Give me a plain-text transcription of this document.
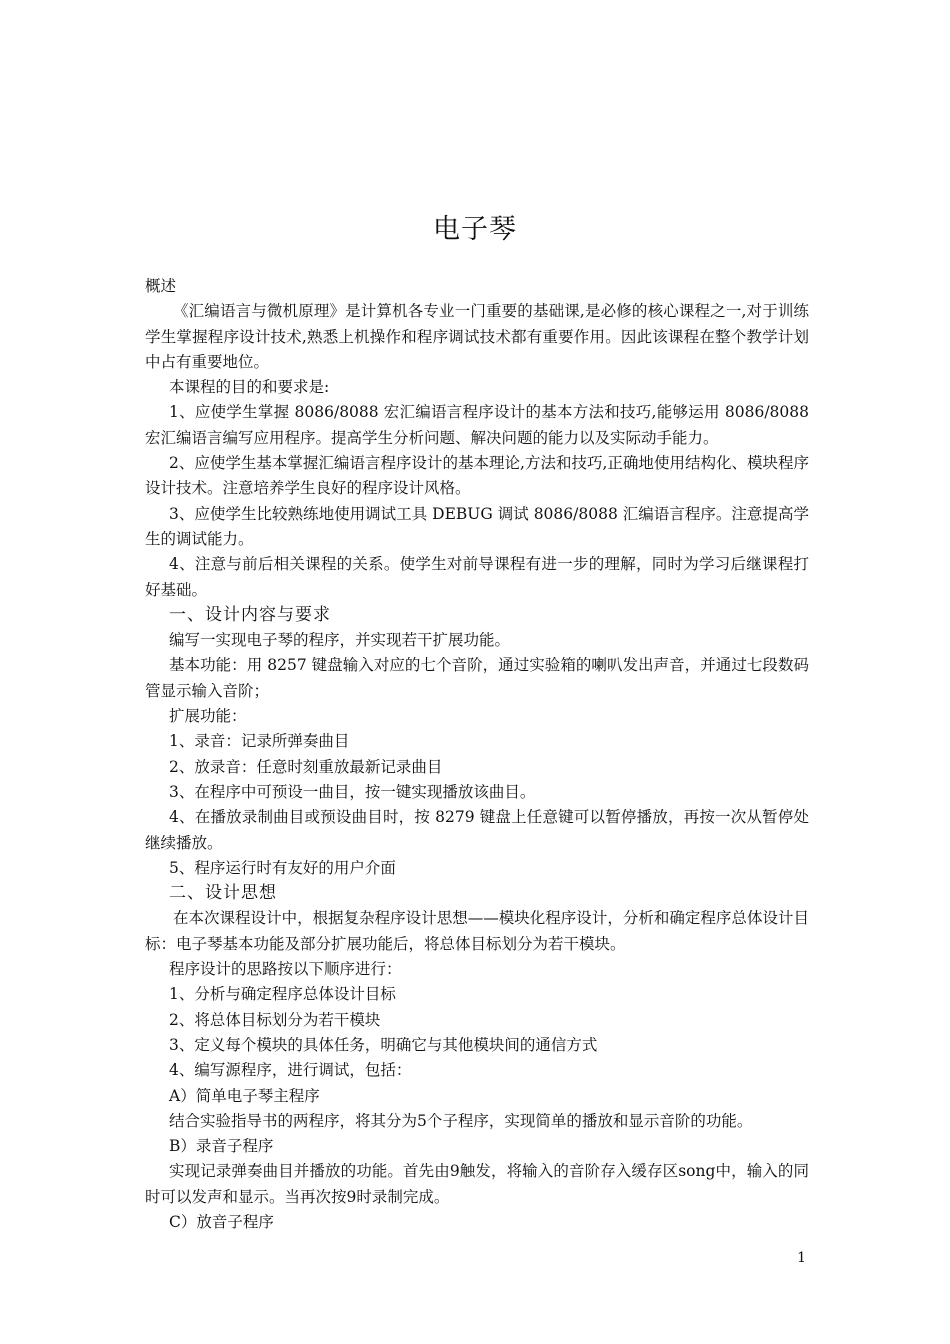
电子琴

概述

《汇编语言与微机原理》是计算机各专业一门重要的基础课,是必修的核心课程之一,对于训练学生掌握程序设计技术,熟悉上机操作和程序调试技术都有重要作用。因此该课程在整个教学计划中占有重要地位。

本课程的目的和要求是:

1、应使学生掌握 8086/8088 宏汇编语言程序设计的基本方法和技巧,能够运用 8086/8088 宏汇编语言编写应用程序。提高学生分析问题、解决问题的能力以及实际动手能力。

2、应使学生基本掌握汇编语言程序设计的基本理论,方法和技巧,正确地使用结构化、模块程序设计技术。注意培养学生良好的程序设计风格。

3、应使学生比较熟练地使用调试工具 DEBUG 调试 8086/8088 汇编语言程序。注意提高学生的调试能力。

4、注意与前后相关课程的关系。使学生对前导课程有进一步的理解，同时为学习后继课程打好基础。

一、设计内容与要求

编写一实现电子琴的程序，并实现若干扩展功能。

基本功能：用 8257 键盘输入对应的七个音阶，通过实验箱的喇叭发出声音，并通过七段数码管显示输入音阶；

扩展功能：

1、录音：记录所弹奏曲目

2、放录音：任意时刻重放最新记录曲目

3、在程序中可预设一曲目，按一键实现播放该曲目。

4、在播放录制曲目或预设曲目时，按 8279 键盘上任意键可以暂停播放，再按一次从暂停处继续播放。

5、程序运行时有友好的用户介面

二、设计思想

在本次课程设计中，根据复杂程序设计思想——模块化程序设计，分析和确定程序总体设计目标：电子琴基本功能及部分扩展功能后，将总体目标划分为若干模块。

程序设计的思路按以下顺序进行：

1、分析与确定程序总体设计目标

2、将总体目标划分为若干模块

3、定义每个模块的具体任务，明确它与其他模块间的通信方式

4、编写源程序，进行调试，包括：

A）简单电子琴主程序

结合实验指导书的两程序，将其分为5个子程序，实现简单的播放和显示音阶的功能。

B）录音子程序

实现记录弹奏曲目并播放的功能。首先由9触发，将输入的音阶存入缓存区song中，输入的同时可以发声和显示。当再次按9时录制完成。

C）放音子程序

1
